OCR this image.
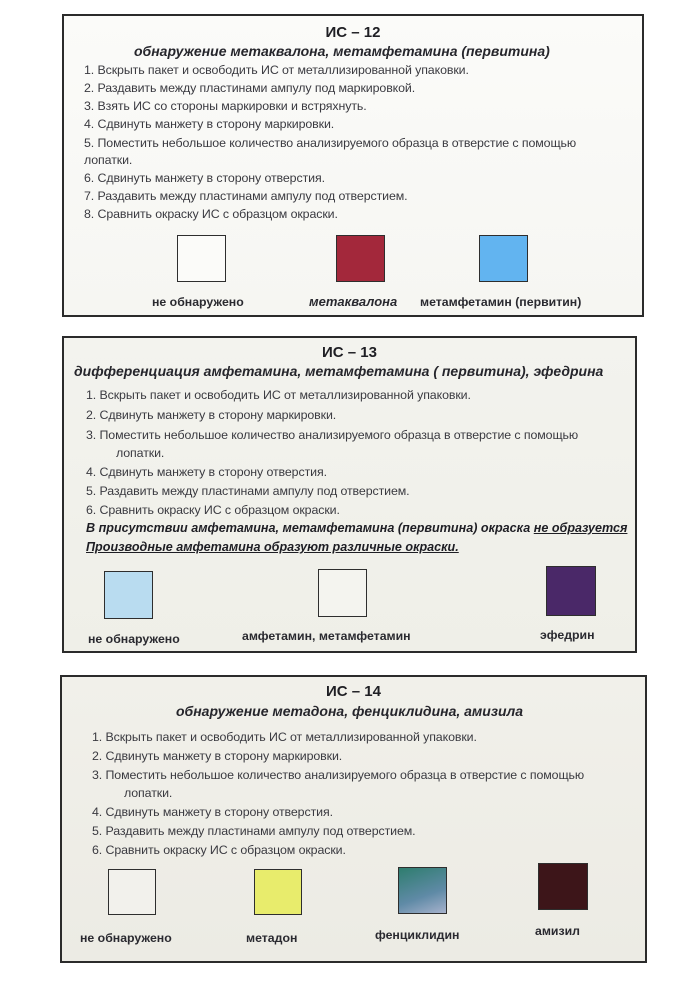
ИС – 12
обнаружение метаквалона, метамфетамина (первитина)
1. Вскрыть пакет и освободить ИС от металлизированной упаковки.
2. Раздавить между пластинами ампулу под маркировкой.
3. Взять ИС со стороны маркировки и встряхнуть.
4. Сдвинуть манжету в сторону маркировки.
5. Поместить небольшое количество анализируемого образца в отверстие с помощью
лопатки.
6. Сдвинуть манжету в сторону отверстия.
7. Раздавить между пластинами ампулу под отверстием.
8. Сравнить окраску ИС с образцом окраски.
не обнаружено	метаквалона метамфетамин (первитин)
ИС – 13
дифференциация амфетамина, метамфетамина ( первитина), эфедрина
1. Вскрыть пакет и освободить ИС от металлизированной упаковки.
2. Сдвинуть манжету в сторону маркировки.
3. Поместить небольшое количество анализируемого образца в отверстие с помощью
лопатки.
4. Сдвинуть манжету в сторону отверстия.
5. Раздавить между пластинами ампулу под отверстием.
6. Сравнить окраску ИС с образцом окраски.
В присутствии амфетамина, метамфетамина (первитина) окраска не образуется
Производные амфетамина образуют различные окраски.
не обнаружено	амфетамин, метамфетамин	эфедрин
ИС – 14
обнаружение метадона, фенциклидина, амизила
1. Вскрыть пакет и освободить ИС от металлизированной упаковки.
2. Сдвинуть манжету в сторону маркировки.
3. Поместить небольшое количество анализируемого образца в отверстие с помощью
лопатки.
4. Сдвинуть манжету в сторону отверстия.
5. Раздавить между пластинами ампулу под отверстием.
6. Сравнить окраску ИС с образцом окраски.
не обнаружено	метадон	фенциклидин	амизил
